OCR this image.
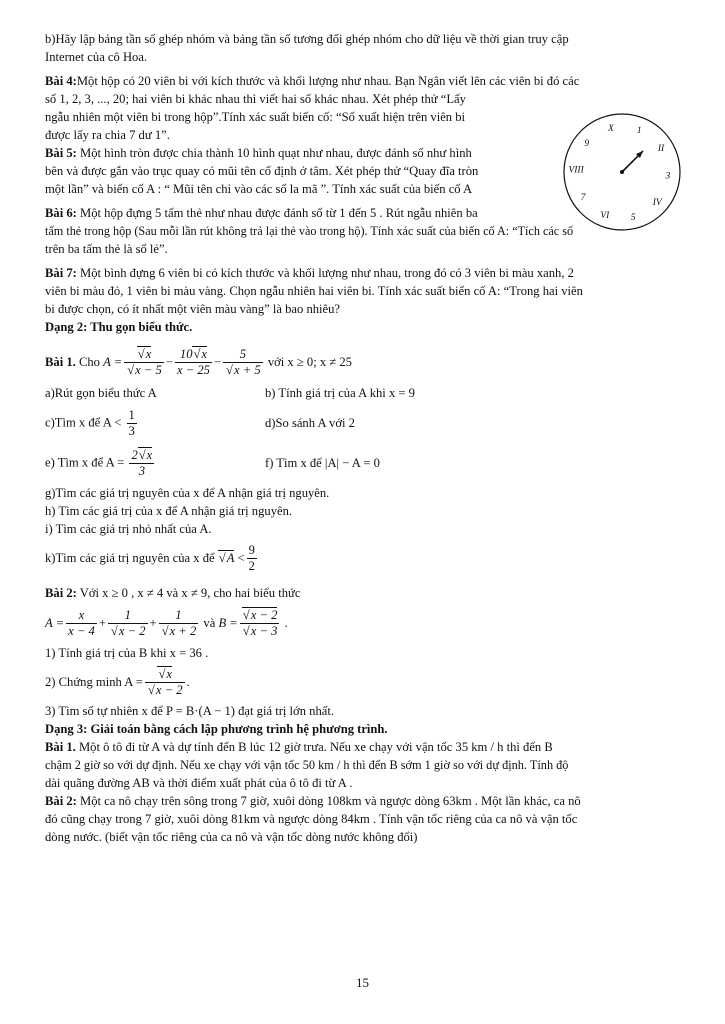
b)Hãy lập bảng tần số ghép nhóm và bảng tần số tương đối ghép nhóm cho dữ liệu về thời gian truy cập

Internet của cô Hoa.

Bài 4:Một hộp có 20 viên bi với kích thước và khối lượng như nhau. Bạn Ngân viết lên các viên bi đó các

số 1, 2, 3, ..., 20; hai viên bi khác nhau thì viết hai số khác nhau. Xét phép thử “Lấy

ngẫu nhiên một viên bi trong hộp”.Tính xác suất biến cố: “Số xuất hiện trên viên bi

được lấy ra chia 7 dư 1”.

Bài 5: Một hình tròn được chia thành 10 hình quạt như nhau, được đánh số như hình

bên và được gắn vào trục quay có mũi tên cố định ở tâm. Xét phép thử “Quay đĩa tròn

một lần” và biến cố A : “ Mũi tên chỉ vào các số la mã ”. Tính xác suất của biến cố A

Bài 6: Một hộp đựng 5 tấm thẻ như nhau được đánh số từ 1 đến 5 . Rút ngẫu nhiên ba

tấm thẻ trong hộp (Sau mỗi lần rút không trả lại thẻ vào trong hộ). Tính xác suất của biến cố A: “Tích các số

trên ba tấm thẻ là số lẻ”.

Bài 7: Một bình đựng 6 viên bi có kích thước và khối lượng như nhau, trong đó có 3 viên bi màu xanh, 2

viên bi màu đỏ, 1 viên bi màu vàng. Chọn ngẫu nhiên hai viên bi. Tính xác suất biến cố A: “Trong hai viên

bi được chọn, có ít nhất một viên màu vàng” là bao nhiêu?

Dạng 2: Thu gọn biểu thức.

Bài 1.
Cho
A = √ x
√ $x - 5 - \frac{10 √ x}{x - 25} - 5$
√ x + 5
với x ≥ 0; x ≠ 25
a)Rút gọn biểu thức A	b) Tính giá trị của A khi x = 9
c)Tìm x để $A < \frac{1}{3}$	d)So sánh A với 2
e) Tìm x để $A = \frac{2 √ x}{3}$	f) Tìm x để |A| − A = 0

g)Tìm các giá trị nguyên của x để A nhận giá trị nguyên.

h) Tìm các giá trị của x để A nhận giá trị nguyên.

i) Tìm các giá trị nhỏ nhất của A.

k)Tìm các giá trị nguyên của x để
√ A
< $\frac{9}{2}$

Bài 2: Với x ≥ 0 , x ≠ 4 và x ≠ 9, cho hai biểu thức

$A = \frac{x}{x - 4} + 1$
√ x − 2 + 1
√ x + 2
và
B = √ x − 2
√ x − 3
.

1) Tính giá trị của B khi x = 36 .

2) Chứng minh A = √ x
√ x − 2 .

3) Tìm số tự nhiên x để P = B·(A − 1) đạt giá trị lớn nhất.

Dạng 3: Giải toán bằng cách lập phương trình hệ phương trình.

Bài 1. Một ô tô đi từ A và dự tính đến B lúc 12 giờ trưa. Nếu xe chạy với vận tốc 35 km / h thì đến B

chậm 2 giờ so với dự định. Nếu xe chạy với vận tốc 50 km / h thì đến B sớm 1 giờ so với dự định. Tính độ

dài quãng đường AB và thời điểm xuất phát của ô tô đi từ A .

Bài 2: Một ca nô chạy trên sông trong 7 giờ, xuôi dòng 108km và ngược dòng 63km . Một lần khác, ca nô

đó cũng chạy trong 7 giờ, xuôi dòng 81km và ngược dòng 84km . Tính vận tốc riêng của ca nô và vận tốc

dòng nước. (biết vận tốc riêng của ca nô và vận tốc dòng nước không đổi)

X 1
II
3
IV
5
VI
7
VIII
9
15
